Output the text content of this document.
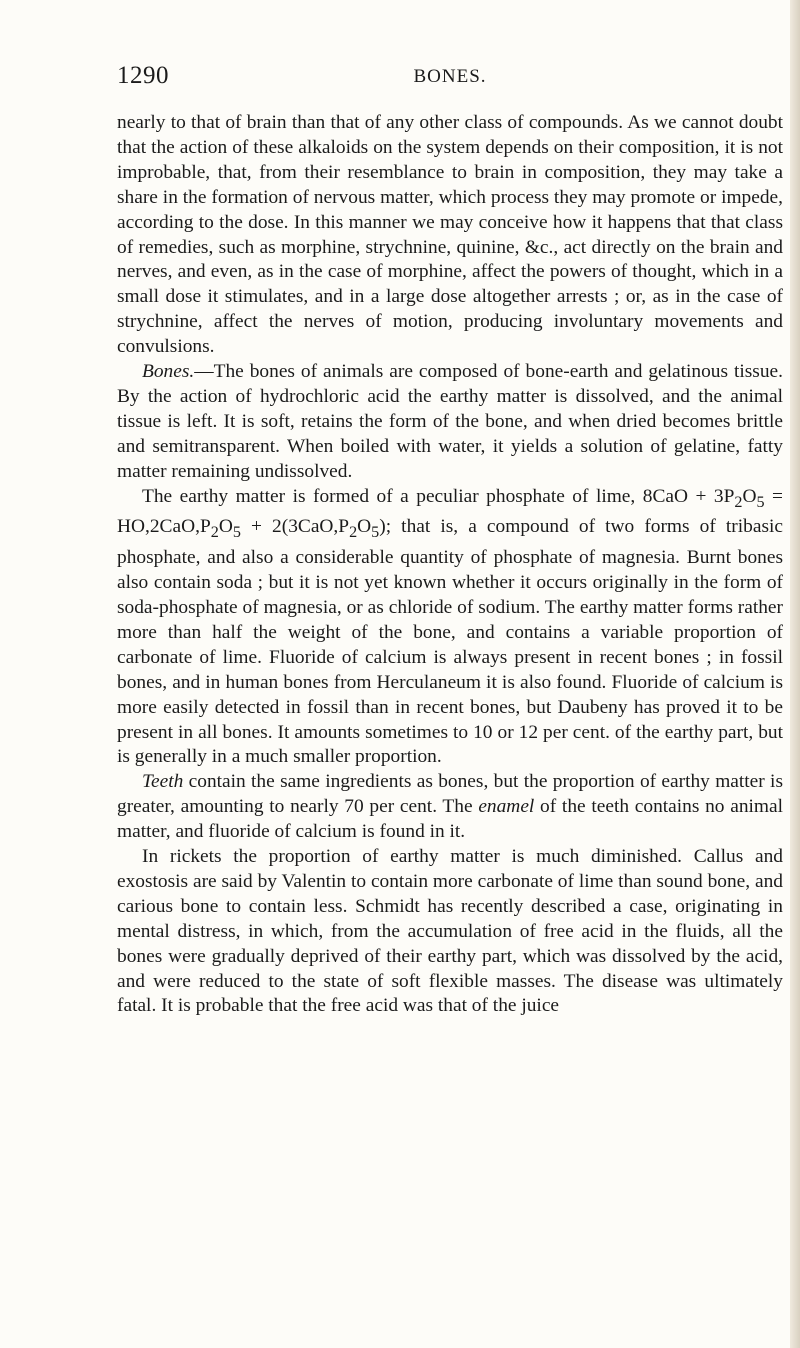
1290	BONES.

nearly to that of brain than that of any other class of compounds. As we cannot doubt that the action of these alkaloids on the system depends on their composition, it is not improbable, that, from their resemblance to brain in composition, they may take a share in the formation of nervous matter, which process they may promote or impede, according to the dose. In this manner we may conceive how it happens that that class of remedies, such as morphine, strychnine, quinine, &c., act directly on the brain and nerves, and even, as in the case of morphine, affect the powers of thought, which in a small dose it stimulates, and in a large dose altogether arrests ; or, as in the case of strychnine, affect the nerves of motion, producing involuntary movements and convulsions.

Bones.—The bones of animals are composed of bone-earth and gelatinous tissue. By the action of hydrochloric acid the earthy matter is dissolved, and the animal tissue is left. It is soft, retains the form of the bone, and when dried becomes brittle and semitransparent. When boiled with water, it yields a solution of gelatine, fatty matter remaining undissolved.

The earthy matter is formed of a peculiar phosphate of lime, $8CaO + 3P_2O_5 = HO,2CaO,P_2O_5 + 2(3CaO,P_2O_5)$; that is, a compound of two forms of tribasic phosphate, and also a considerable quantity of phosphate of magnesia. Burnt bones also contain soda ; but it is not yet known whether it occurs originally in the form of soda-phosphate of magnesia, or as chloride of sodium. The earthy matter forms rather more than half the weight of the bone, and contains a variable proportion of carbonate of lime. Fluoride of calcium is always present in recent bones ; in fossil bones, and in human bones from Herculaneum it is also found. Fluoride of calcium is more easily detected in fossil than in recent bones, but Daubeny has proved it to be present in all bones. It amounts sometimes to 10 or 12 per cent. of the earthy part, but is generally in a much smaller proportion.

Teeth contain the same ingredients as bones, but the proportion of earthy matter is greater, amounting to nearly 70 per cent. The enamel of the teeth contains no animal matter, and fluoride of calcium is found in it.

In rickets the proportion of earthy matter is much diminished. Callus and exostosis are said by Valentin to contain more carbonate of lime than sound bone, and carious bone to contain less. Schmidt has recently described a case, originating in mental distress, in which, from the accumulation of free acid in the fluids, all the bones were gradually deprived of their earthy part, which was dissolved by the acid, and were reduced to the state of soft flexible masses. The disease was ultimately fatal. It is probable that the free acid was that of the juice
